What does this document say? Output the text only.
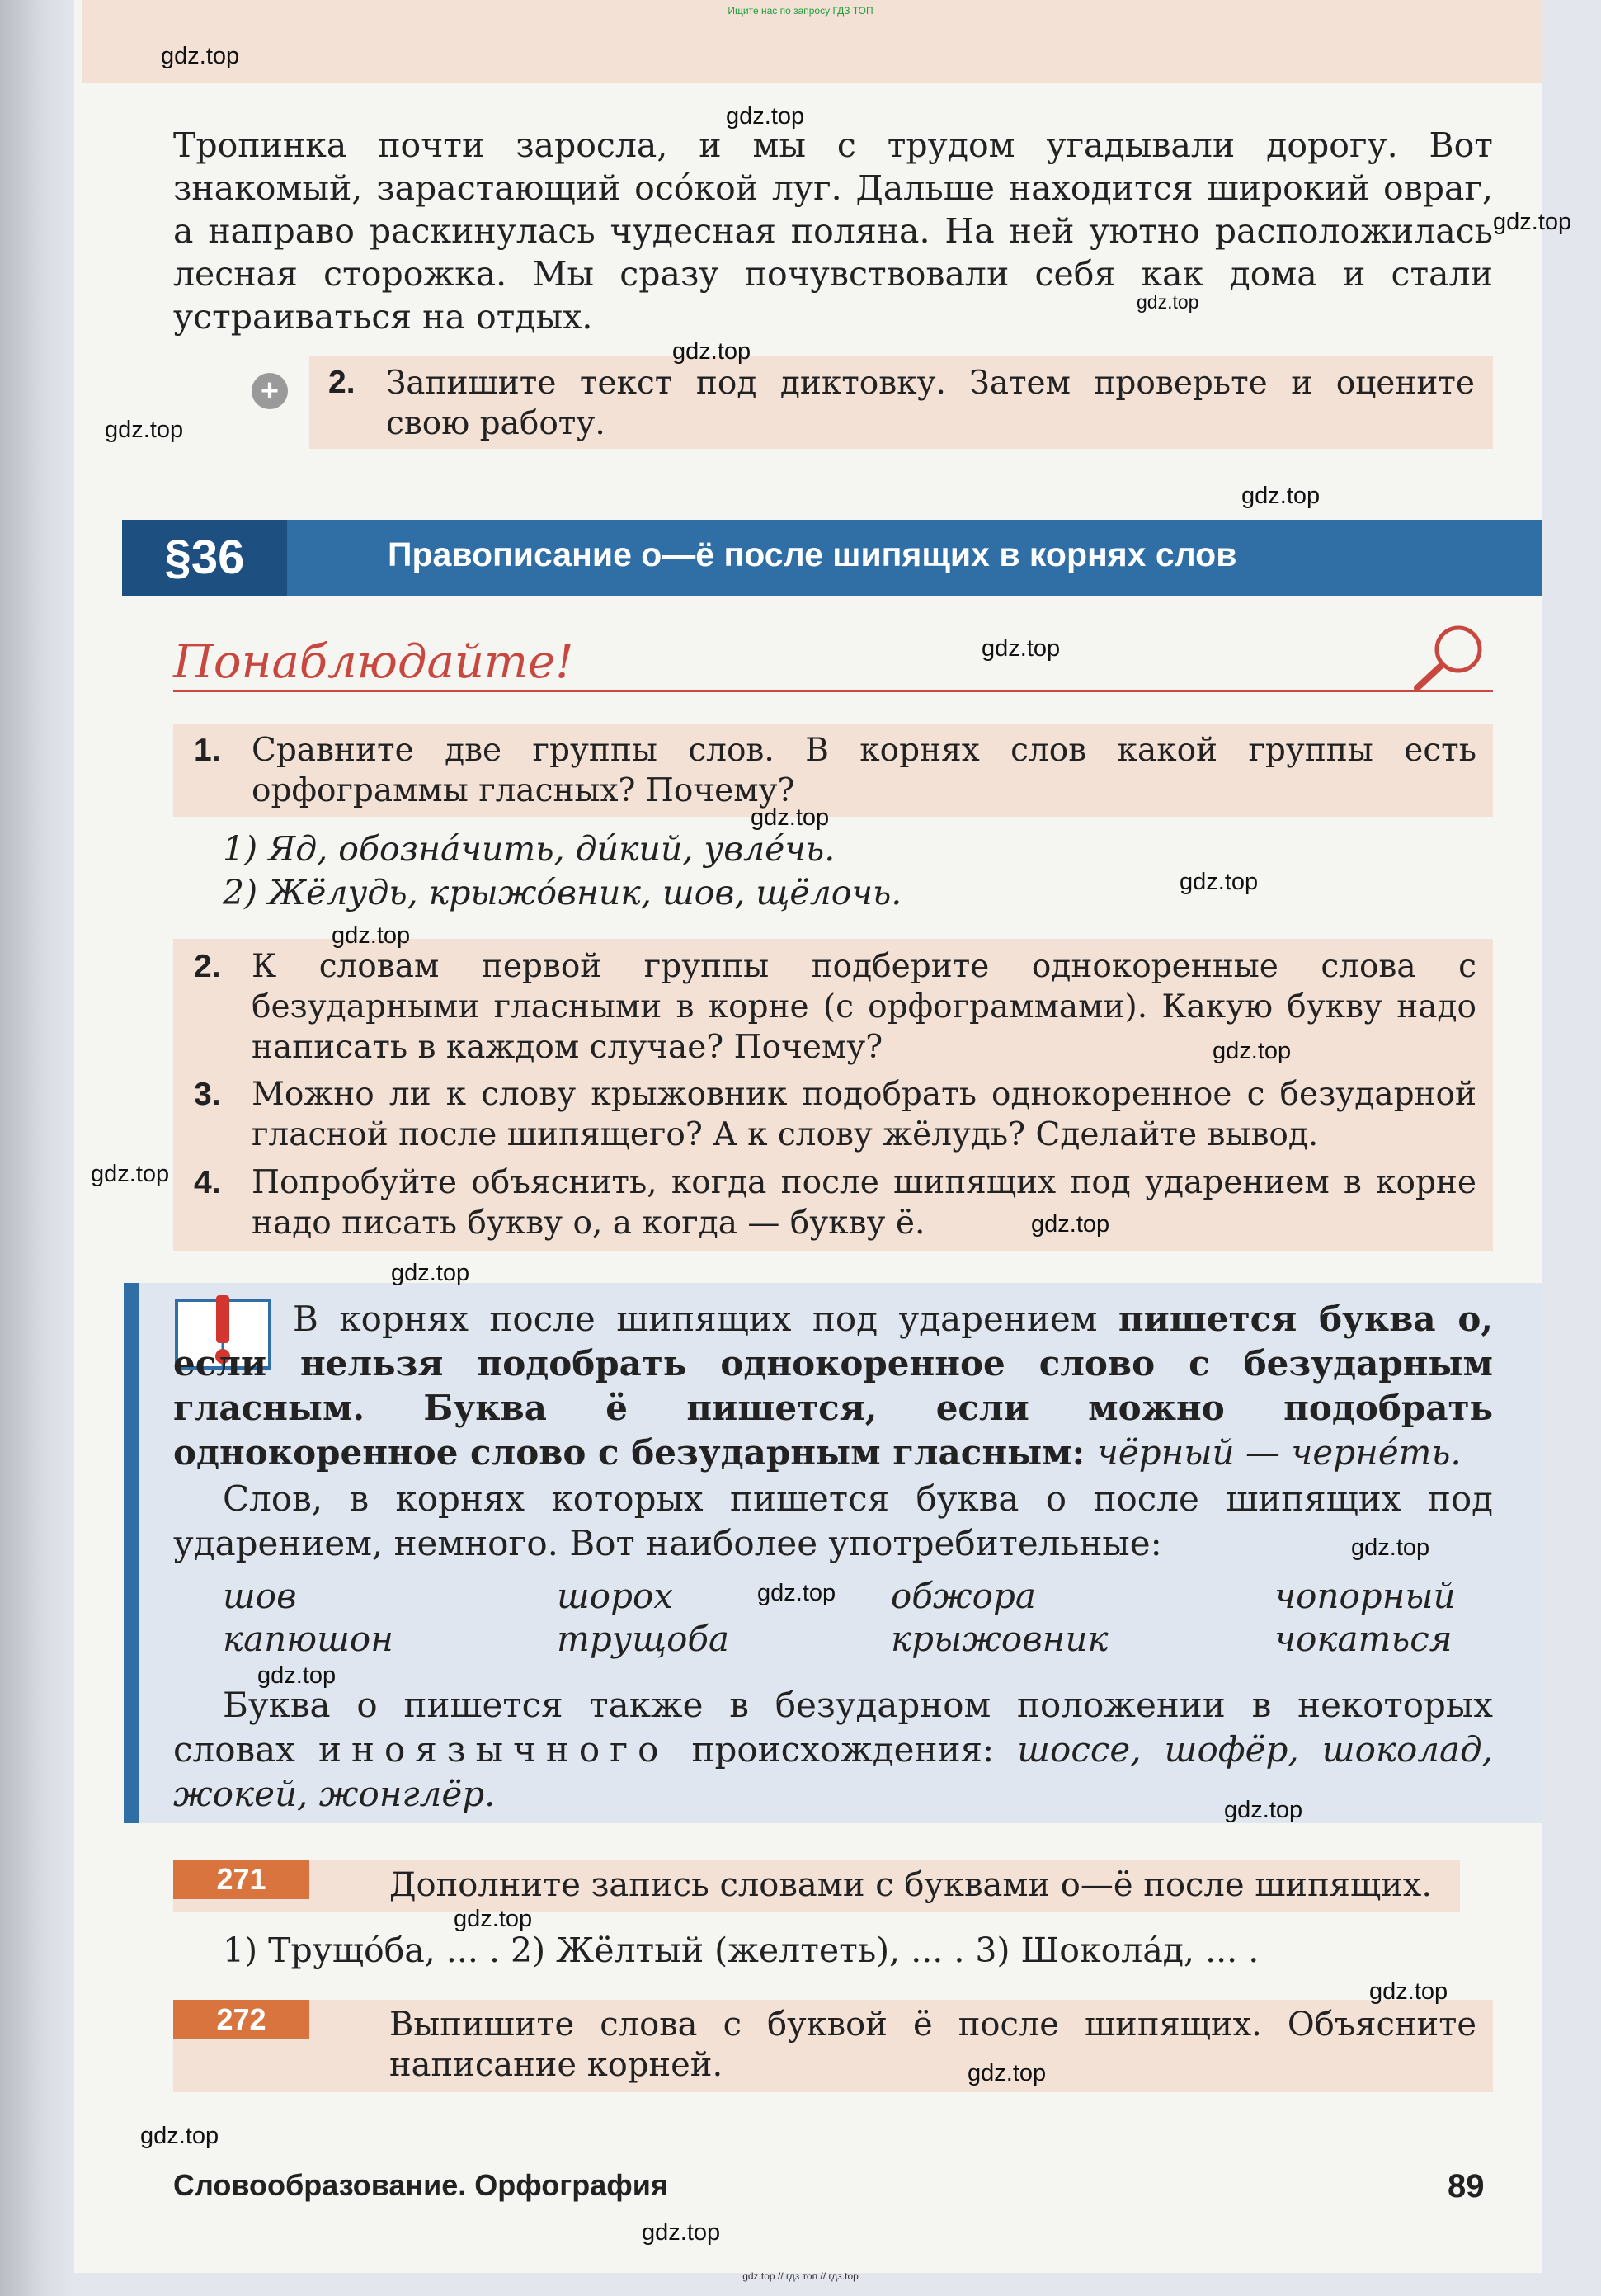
Ищите нас по запросу ГДЗ ТОП
Тропинка почти заросла, и мы с трудом угадывали дорогу. Вот знакомый, зарастающий осóкой луг. Дальше находится широкий овраг, а направо раскинулась чудесная поляна. На ней уютно расположилась лесная сторожка. Мы сразу почувствовали себя как дома и стали устраиваться на отдых.
+ 2. Запишите текст под диктовку. Затем проверьте и оцените свою работу.
§36	Правописание о—ё после шипящих в корнях слов
Понаблюдайте!
1. Сравните две группы слов. В корнях слов какой группы есть орфограммы гласных? Почему?
1) Яд, обознáчить, дúкий, увлéчь.
2) Жёлудь, крыжóвник, шов, щёлочь.
2. К словам первой группы подберите однокоренные слова с безударными гласными в корне (с орфограммами). Какую букву надо написать в каждом случае? Почему?
3. Можно ли к слову крыжовник подобрать однокоренное с безударной гласной после шипящего? А к слову жёлудь? Сделайте вывод.
4. Попробуйте объяснить, когда после шипящих под ударением в корне надо писать букву о, а когда — букву ё.
В корнях после шипящих под ударением пишется буква о, если нельзя подобрать однокоренное слово с безударным гласным. Буква ё пишется, если можно подобрать однокоренное слово с безударным гласным: чёрный — чернéть.
Слов, в корнях которых пишется буква о после шипящих под ударением, немного. Вот наиболее употребительные:
шов	шорох	обжора	чопорный
капюшон	трущоба	крыжовник	чокаться
Буква о пишется также в безударном положении в некоторых словах иноязычного происхождения: шоссе, шофёр, шоколад, жокей, жонглёр.
271	Дополните запись словами с буквами о—ё после шипящих.
1) Трущóба, ... . 2) Жёлтый (желтеть), ... . 3) Шоколáд, ... .
272	Выпишите слова с буквой ё после шипящих. Объясните написание корней.
Словообразование. Орфография	89
gdz.top
gdz.top
gdz.top
gdz.top
gdz.top
gdz.top
gdz.top
gdz.top
gdz.top
gdz.top
gdz.top
gdz.top
gdz.top
gdz.top
gdz.top
gdz.top
gdz.top
gdz.top
gdz.top
gdz.top
gdz.top
gdz.top
gdz.top
gdz.top
gdz.top // гдз топ // гдз.top
